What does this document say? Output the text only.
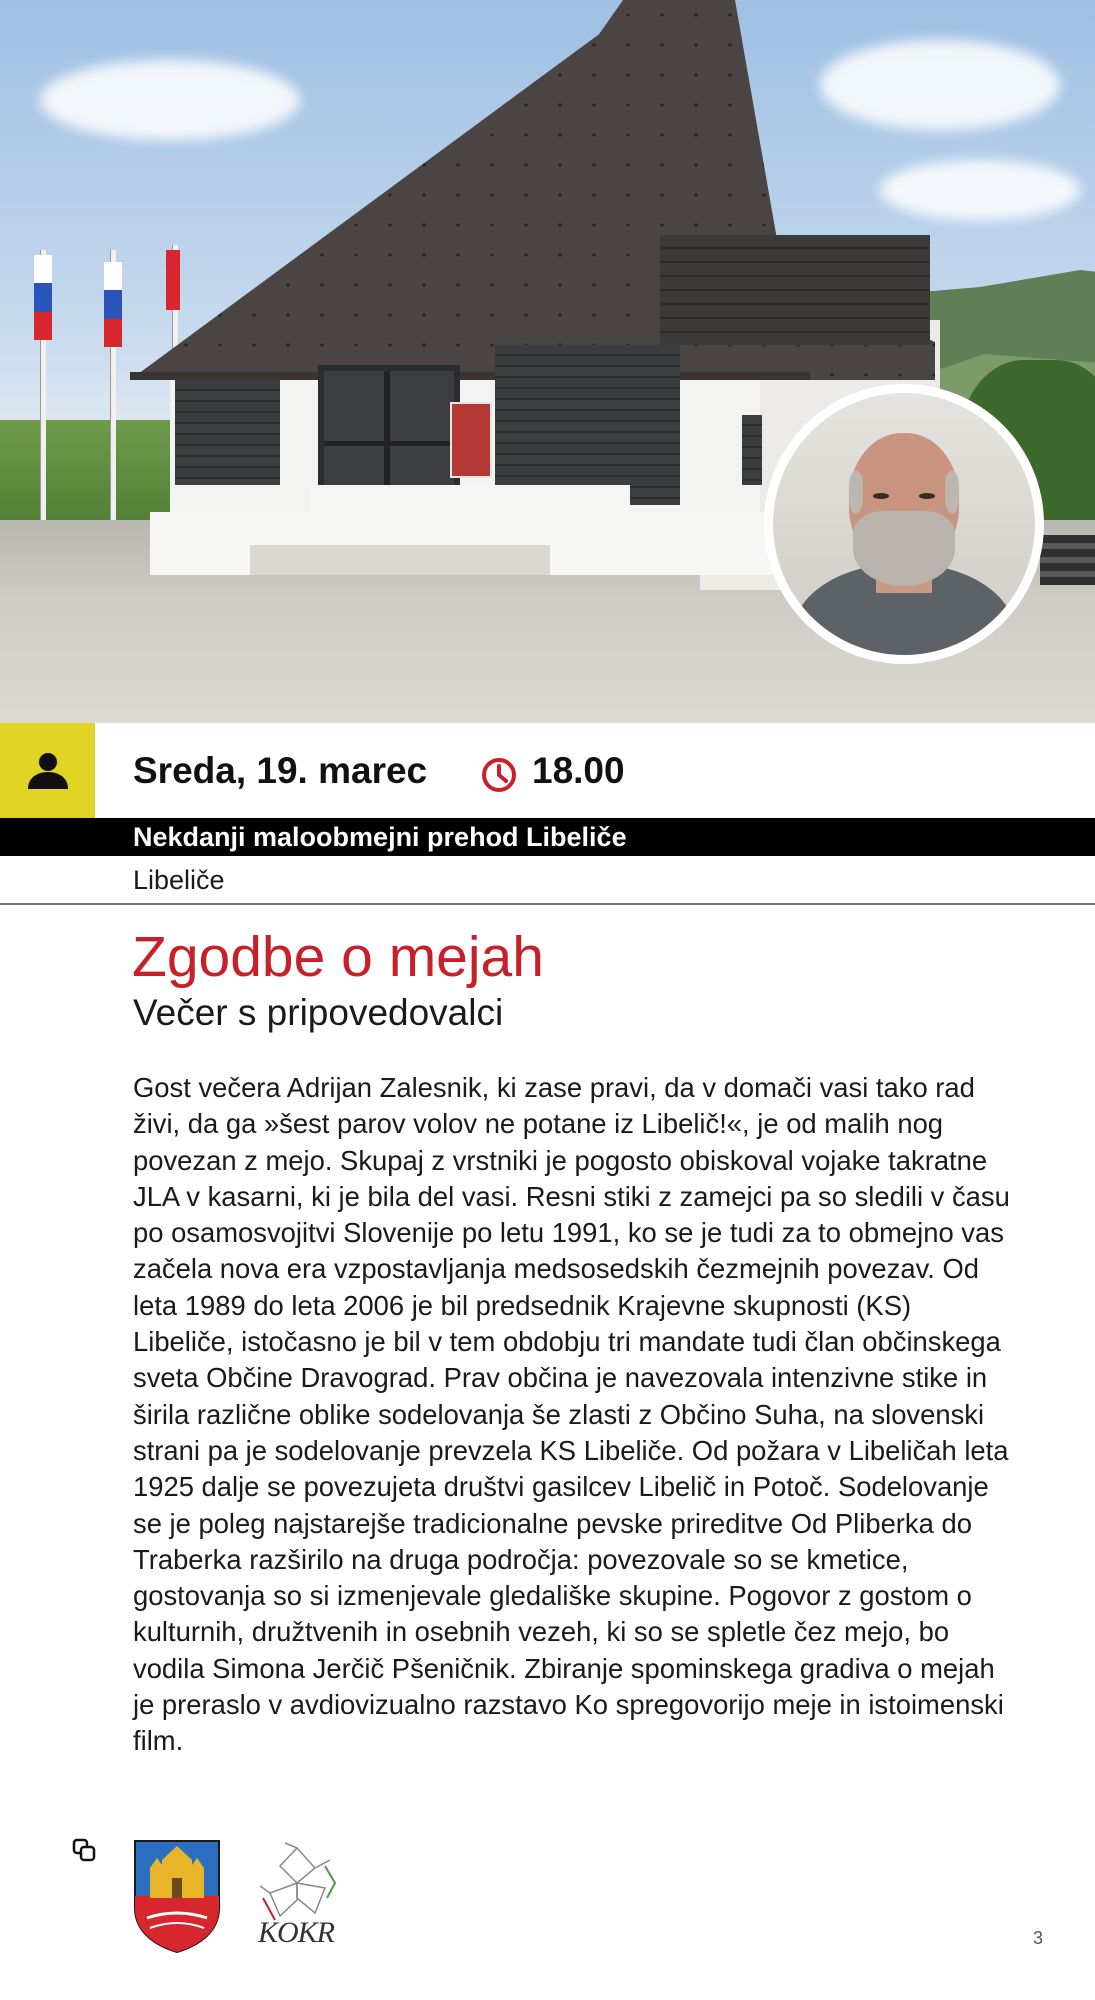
Sreda, 19. marec	18.00
Nekdanji maloobmejni prehod Libeliče
Libeliče
Zgodbe o mejah
Večer s pripovedovalci

Gost večera Adrijan Zalesnik, ki zase pravi, da v domači vasi tako rad živi, da ga »šest parov volov ne potane iz Libelič!«, je od malih nog povezan z mejo. Skupaj z vrstniki je pogosto obiskoval vojake takratne JLA v kasarni, ki je bila del vasi. Resni stiki z zamejci pa so sledili v času po osamosvojitvi Slovenije po letu 1991, ko se je tudi za to obmejno vas začela nova era vzpostavljanja medsosedskih čezmejnih povezav. Od leta 1989 do leta 2006 je bil predsednik Krajevne skupnosti (KS) Libeliče, istočasno je bil v tem obdobju tri mandate tudi član občinskega sveta Občine Dravograd. Prav občina je navezovala intenzivne stike in širila različne oblike sodelovanja še zlasti z Občino Suha, na slovenski strani pa je sodelovanje prevzela KS Libeliče. Od požara v Libeličah leta 1925 dalje se povezujeta društvi gasilcev Libelič in Potoč. Sodelovanje se je poleg najstarejše tradicionalne pevske prireditve Od Pliberka do Traberka razširilo na druga področja: povezovale so se kmetice, gostovanja so si izmenjevale gledališke skupine. Pogovor z gostom o kulturnih, družtvenih in osebnih vezeh, ki so se spletle čez mejo, bo vodila Simona Jerčič Pšeničnik. Zbiranje spominskega gradiva o mejah je preraslo v avdiovizualno razstavo Ko spregovorijo meje in istoimenski film.

KOKR	3
